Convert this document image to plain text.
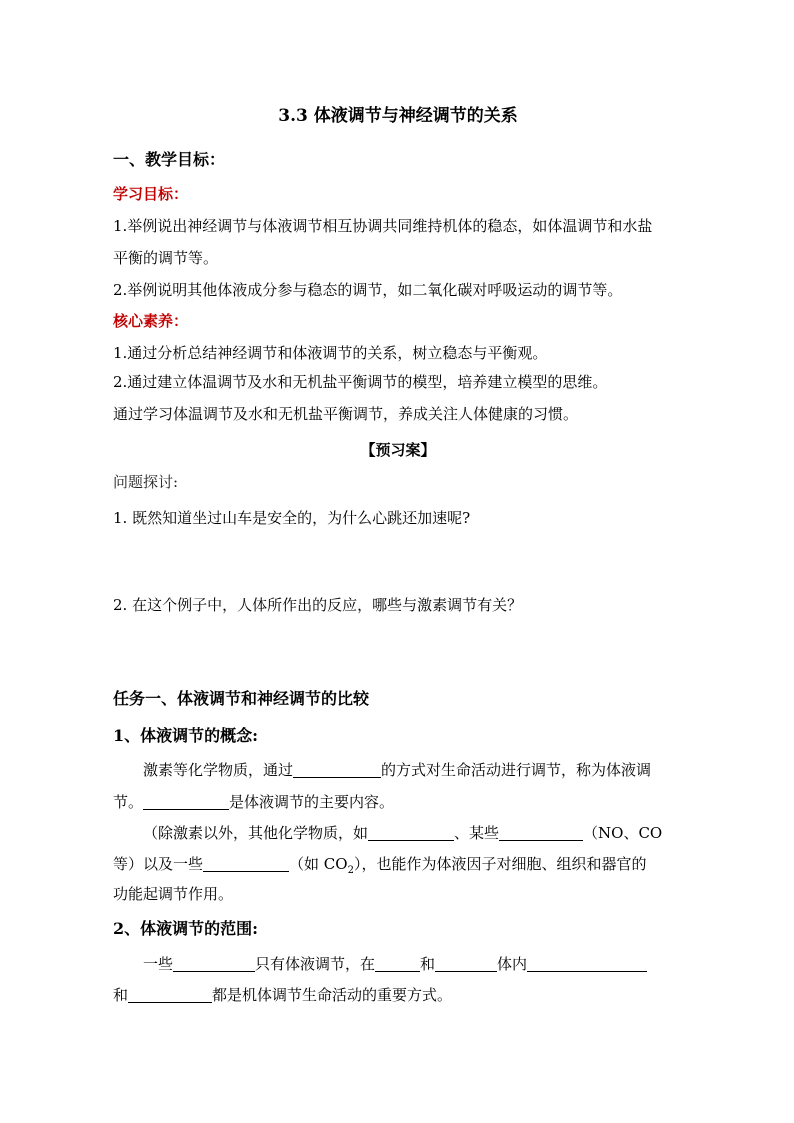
3.3 体液调节与神经调节的关系
一、教学目标：
学习目标：
1.举例说出神经调节与体液调节相互协调共同维持机体的稳态，如体温调节和水盐
平衡的调节等。
2.举例说明其他体液成分参与稳态的调节，如二氧化碳对呼吸运动的调节等。
核心素养：
1.通过分析总结神经调节和体液调节的关系，树立稳态与平衡观。
2.通过建立体温调节及水和无机盐平衡调节的模型，培养建立模型的思维。
通过学习体温调节及水和无机盐平衡调节，养成关注人体健康的习惯。
【预习案】
问题探讨:
1. 既然知道坐过山车是安全的，为什么心跳还加速呢?
2. 在这个例子中，人体所作出的反应，哪些与激素调节有关？
任务一、体液调节和神经调节的比较
1、体液调节的概念:
激素等化学物质，通过	的方式对生命活动进行调节，称为体液调
节。	是体液调节的主要内容。
（除激素以外，其他化学物质，如	、某些	（NO、CO
等）以及一些	（如 $CO_2$），也能作为体液因子对细胞、组织和器官的
功能起调节作用。
2、体液调节的范围:
一些	只有体液调节，在	和	体内
和	都是机体调节生命活动的重要方式。
